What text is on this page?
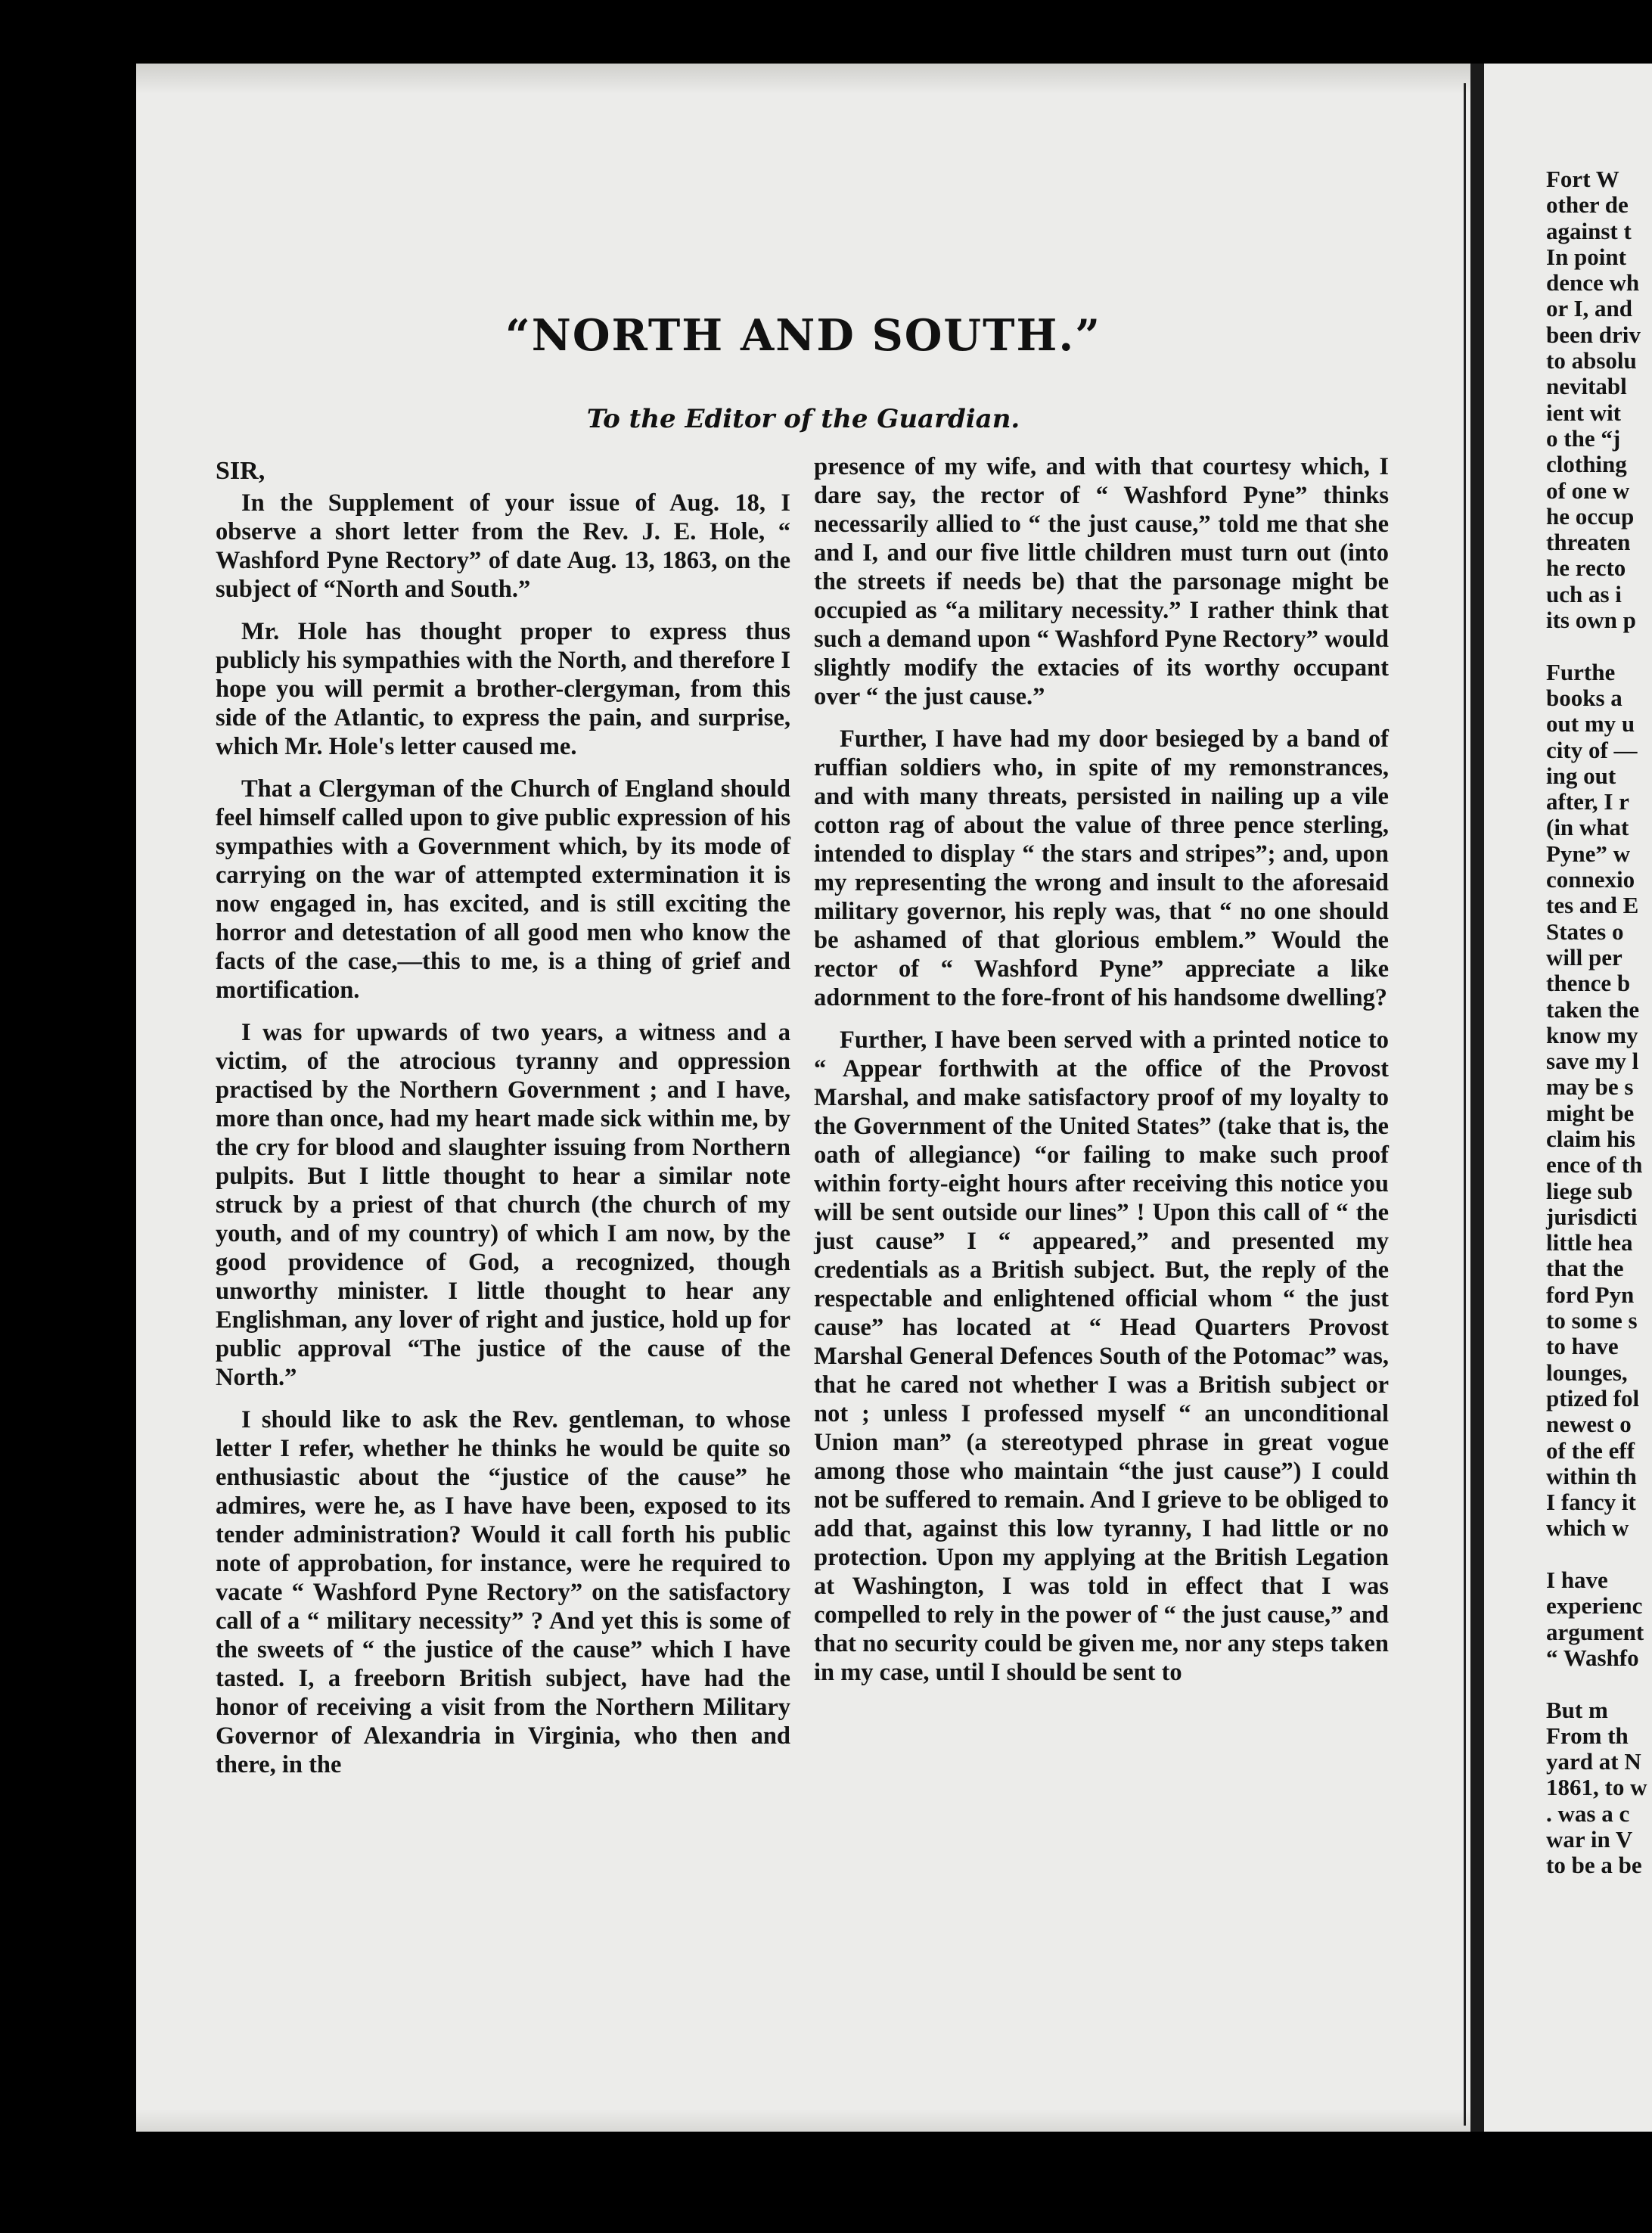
“NORTH AND SOUTH.”
To the Editor of the Guardian.

SIR,

In the Supplement of your issue of Aug. 18, I observe a short letter from the Rev. J. E. Hole, “ Washford Pyne Rectory” of date Aug. 13, 1863, on the subject of “North and South.”

Mr. Hole has thought proper to express thus publicly his sympathies with the North, and therefore I hope you will permit a brother-clergyman, from this side of the Atlantic, to express the pain, and surprise, which Mr. Hole's letter caused me.

That a Clergyman of the Church of England should feel himself called upon to give public expression of his sympathies with a Government which, by its mode of carrying on the war of attempted extermination it is now engaged in, has excited, and is still exciting the horror and detestation of all good men who know the facts of the case,—this to me, is a thing of grief and mortification.

I was for upwards of two years, a witness and a victim, of the atrocious tyranny and oppression practised by the Northern Government ; and I have, more than once, had my heart made sick within me, by the cry for blood and slaughter issuing from Northern pulpits. But I little thought to hear a similar note struck by a priest of that church (the church of my youth, and of my country) of which I am now, by the good providence of God, a recognized, though unworthy minister. I little thought to hear any Englishman, any lover of right and justice, hold up for public approval “The justice of the cause of the North.”

I should like to ask the Rev. gentleman, to whose letter I refer, whether he thinks he would be quite so enthusiastic about the “justice of the cause” he admires, were he, as I have have been, exposed to its tender administration? Would it call forth his public note of approbation, for instance, were he required to vacate “ Washford Pyne Rectory” on the satisfactory call of a “ military necessity” ? And yet this is some of the sweets of “ the justice of the cause” which I have tasted. I, a freeborn British subject, have had the honor of receiving a visit from the Northern Military Governor of Alexandria in Virginia, who then and there, in the

presence of my wife, and with that courtesy which, I dare say, the rector of “ Washford Pyne” thinks necessarily allied to “ the just cause,” told me that she and I, and our five little children must turn out (into the streets if needs be) that the parsonage might be occupied as “a military necessity.” I rather think that such a demand upon “ Washford Pyne Rectory” would slightly modify the extacies of its worthy occupant over “ the just cause.”

Further, I have had my door besieged by a band of ruffian soldiers who, in spite of my remonstrances, and with many threats, persisted in nailing up a vile cotton rag of about the value of three pence sterling, intended to display “ the stars and stripes”; and, upon my representing the wrong and insult to the aforesaid military governor, his reply was, that “ no one should be ashamed of that glorious emblem.” Would the rector of “ Washford Pyne” appreciate a like adornment to the fore-front of his handsome dwelling?

Further, I have been served with a printed notice to “ Appear forthwith at the office of the Provost Marshal, and make satisfactory proof of my loyalty to the Government of the United States” (take that is, the oath of allegiance) “or failing to make such proof within forty-eight hours after receiving this notice you will be sent outside our lines” ! Upon this call of “ the just cause” I “ appeared,” and presented my credentials as a British subject. But, the reply of the respectable and enlightened official whom “ the just cause” has located at “ Head Quarters Provost Marshal General Defences South of the Potomac” was, that he cared not whether I was a British subject or not ; unless I professed myself “ an unconditional Union man” (a stereotyped phrase in great vogue among those who maintain “the just cause”) I could not be suffered to remain. And I grieve to be obliged to add that, against this low tyranny, I had little or no protection. Upon my applying at the British Legation at Washington, I was told in effect that I was compelled to rely in the power of “ the just cause,” and that no security could be given me, nor any steps taken in my case, until I should be sent to

Fort W
other de
against t
In point
dence wh
or I, and
been driv
to absolu
nevitabl
ient wit
o the “j
clothing
of one w
he occup
threaten
he recto
uch as i
its own p
Furthe
books a
out my u
city of —
ing out
after, I r
(in what
Pyne” w
connexio
tes and E
States o
will per
thence b
taken the
know my
save my l
may be s
might be
claim his
ence of th
liege sub
jurisdicti
little hea
that the
ford Pyn
to some s
to have
lounges,
ptized fol
newest o
of the eff
within th
I fancy it
which w
I have
experienc
argument
“ Washfo
But m
From th
yard at N
1861, to w
. was a c
war in V
to be a be
